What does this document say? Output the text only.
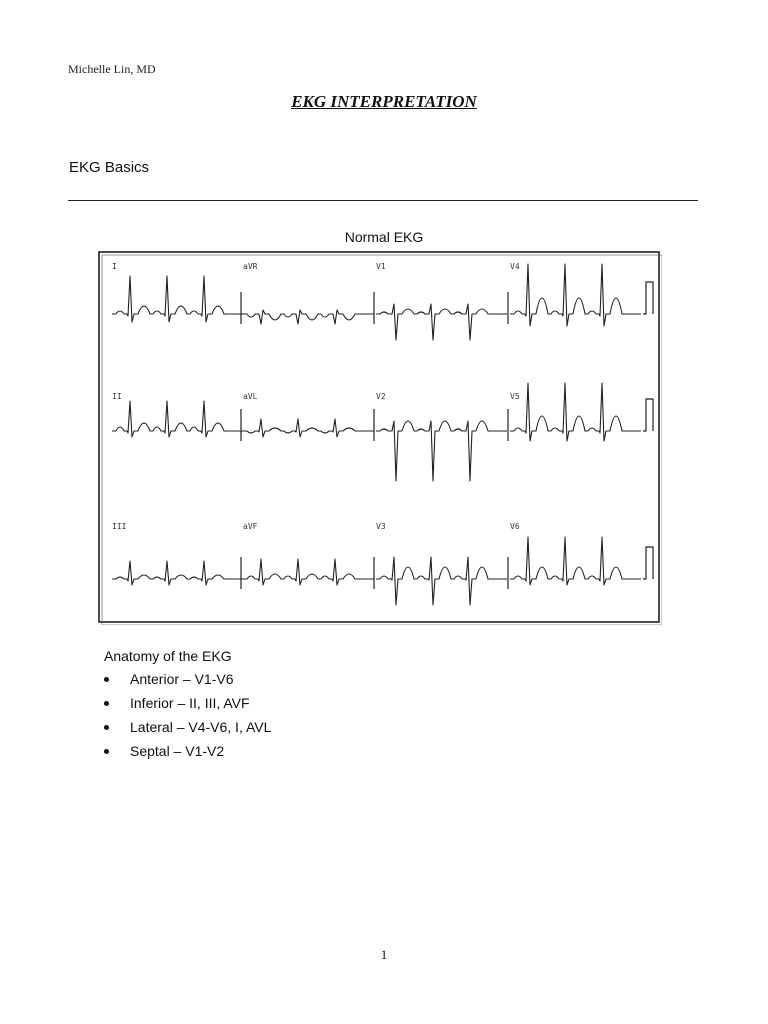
Michelle Lin, MD
EKG INTERPRETATION
EKG Basics
Normal EKG
I	aVR	V1	V4
II	aVL	V2	V5
III	aVF	V3	V6
Anatomy of the EKG
Anterior – V1-V6
Inferior – II, III, AVF
Lateral – V4-V6, I, AVL
Septal – V1-V2
1
